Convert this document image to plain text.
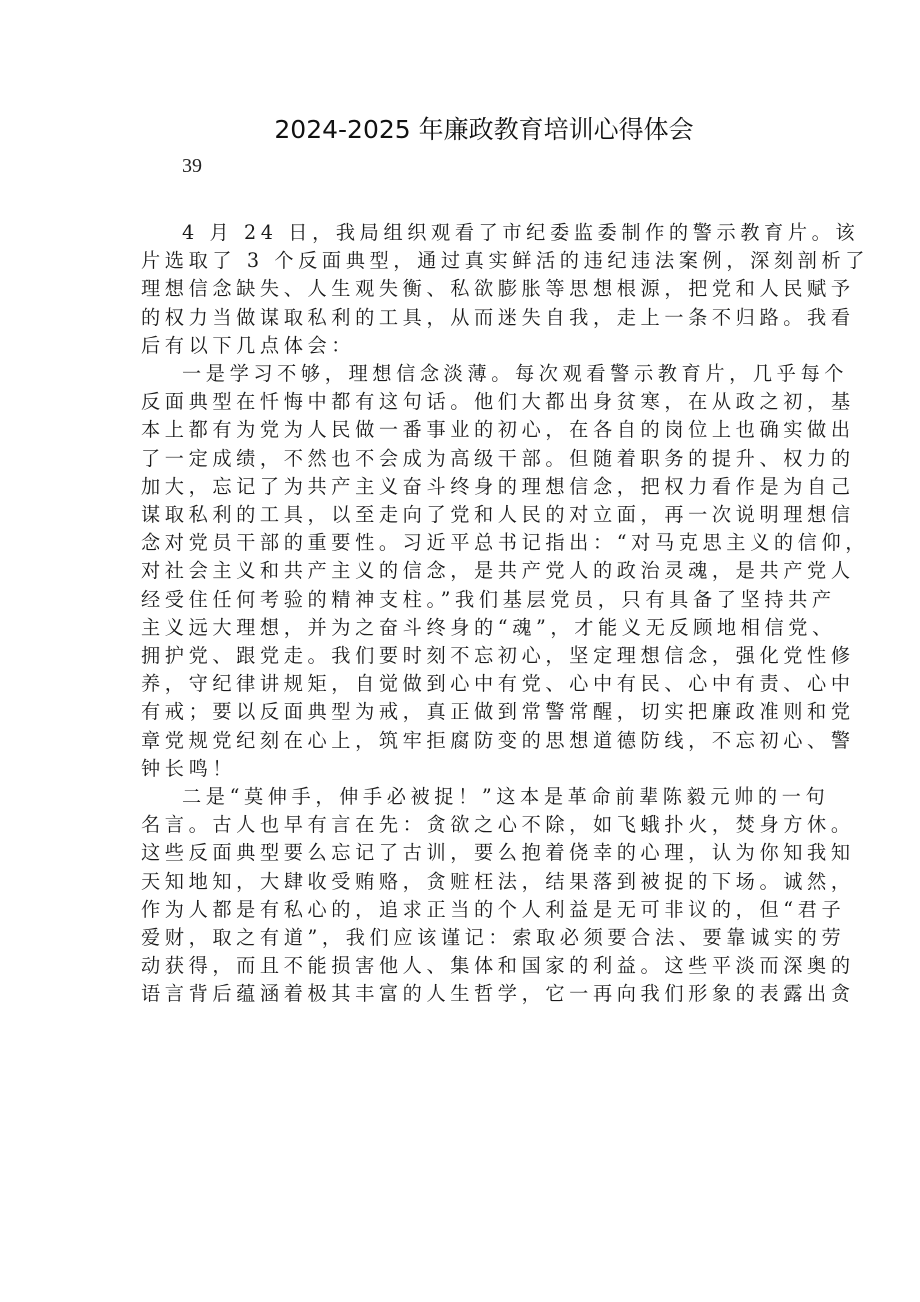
2024-2025 年廉政教育培训心得体会
39
4 月 24 日，我局组织观看了市纪委监委制作的警示教育片。该
片选取了 3 个反面典型，通过真实鲜活的违纪违法案例，深刻剖析了
理想信念缺失、人生观失衡、私欲膨胀等思想根源，把党和人民赋予
的权力当做谋取私利的工具，从而迷失自我，走上一条不归路。我看
后有以下几点体会：
一是学习不够，理想信念淡薄。每次观看警示教育片，几乎每个
反面典型在忏悔中都有这句话。他们大都出身贫寒，在从政之初，基
本上都有为党为人民做一番事业的初心，在各自的岗位上也确实做出
了一定成绩，不然也不会成为高级干部。但随着职务的提升、权力的
加大，忘记了为共产主义奋斗终身的理想信念，把权力看作是为自己
谋取私利的工具，以至走向了党和人民的对立面，再一次说明理想信
念对党员干部的重要性。习近平总书记指出：“对马克思主义的信仰，
对社会主义和共产主义的信念，是共产党人的政治灵魂，是共产党人
经受住任何考验的精神支柱。”我们基层党员，只有具备了坚持共产
主义远大理想，并为之奋斗终身的“魂”，才能义无反顾地相信党、
拥护党、跟党走。我们要时刻不忘初心，坚定理想信念，强化党性修
养，守纪律讲规矩，自觉做到心中有党、心中有民、心中有责、心中
有戒；要以反面典型为戒，真正做到常警常醒，切实把廉政准则和党
章党规党纪刻在心上，筑牢拒腐防变的思想道德防线，不忘初心、警
钟长鸣！
二是“莫伸手，伸手必被捉！”这本是革命前辈陈毅元帅的一句
名言。古人也早有言在先：贪欲之心不除，如飞蛾扑火，焚身方休。
这些反面典型要么忘记了古训，要么抱着侥幸的心理，认为你知我知
天知地知，大肆收受贿赂，贪赃枉法，结果落到被捉的下场。诚然，
作为人都是有私心的，追求正当的个人利益是无可非议的，但“君子
爱财，取之有道”，我们应该谨记：索取必须要合法、要靠诚实的劳
动获得，而且不能损害他人、集体和国家的利益。这些平淡而深奥的
语言背后蕴涵着极其丰富的人生哲学，它一再向我们形象的表露出贪
